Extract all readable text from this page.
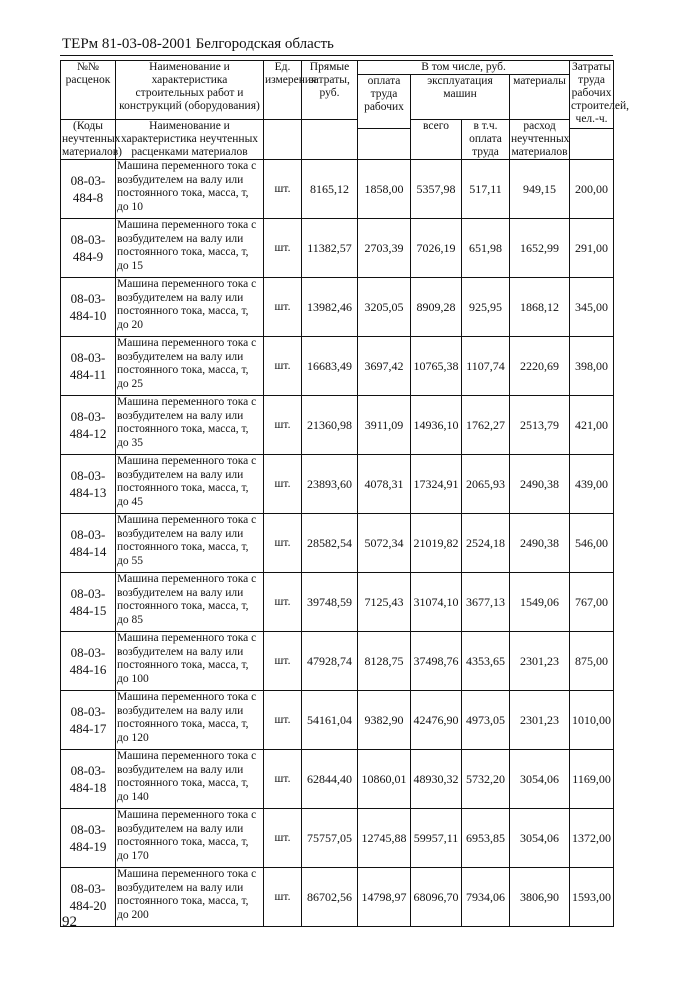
ТЕРм 81-03-08-2001 Белгородская область
№№ расценок	Наименование и характеристика строительных работ и конструкций (оборудования)	Ед. измерения	Прямые затраты, руб.	В том числе, руб.				Затраты труда рабочих строителей,
чел.-ч.
				оплата труда рабочих	эксплуатация машин		материалы	
(Коды неучтенных материалов)	Наименование и характеристика неучтенных расценками материалов				всего	в т.ч. оплата труда	расход неучтенных материалов	

08-03-484-8	Машина переменного тока с возбудителем на валу или постоянного тока, масса, т, до 10	шт.	8165,12	1858,00	5357,98	517,11	949,15	200,00
08-03-484-9	Машина переменного тока с возбудителем на валу или постоянного тока, масса, т, до 15	шт.	11382,57	2703,39	7026,19	651,98	1652,99	291,00
08-03-484-10	Машина переменного тока с возбудителем на валу или постоянного тока, масса, т, до 20	шт.	13982,46	3205,05	8909,28	925,95	1868,12	345,00
08-03-484-11	Машина переменного тока с возбудителем на валу или постоянного тока, масса, т, до 25	шт.	16683,49	3697,42	10765,38	1107,74	2220,69	398,00
08-03-484-12	Машина переменного тока с возбудителем на валу или постоянного тока, масса, т, до 35	шт.	21360,98	3911,09	14936,10	1762,27	2513,79	421,00
08-03-484-13	Машина переменного тока с возбудителем на валу или постоянного тока, масса, т, до 45	шт.	23893,60	4078,31	17324,91	2065,93	2490,38	439,00
08-03-484-14	Машина переменного тока с возбудителем на валу или постоянного тока, масса, т, до 55	шт.	28582,54	5072,34	21019,82	2524,18	2490,38	546,00
08-03-484-15	Машина переменного тока с возбудителем на валу или постоянного тока, масса, т, до 85	шт.	39748,59	7125,43	31074,10	3677,13	1549,06	767,00
08-03-484-16	Машина переменного тока с возбудителем на валу или постоянного тока, масса, т, до 100	шт.	47928,74	8128,75	37498,76	4353,65	2301,23	875,00
08-03-484-17	Машина переменного тока с возбудителем на валу или постоянного тока, масса, т, до 120	шт.	54161,04	9382,90	42476,90	4973,05	2301,23	1010,00
08-03-484-18	Машина переменного тока с возбудителем на валу или постоянного тока, масса, т, до 140	шт.	62844,40	10860,01	48930,32	5732,20	3054,06	1169,00
08-03-484-19	Машина переменного тока с возбудителем на валу или постоянного тока, масса, т, до 170	шт.	75757,05	12745,88	59957,11	6953,85	3054,06	1372,00
08-03-484-20	Машина переменного тока с возбудителем на валу или постоянного тока, масса, т, до 200	шт.	86702,56	14798,97	68096,70	7934,06	3806,90	1593,00
92
